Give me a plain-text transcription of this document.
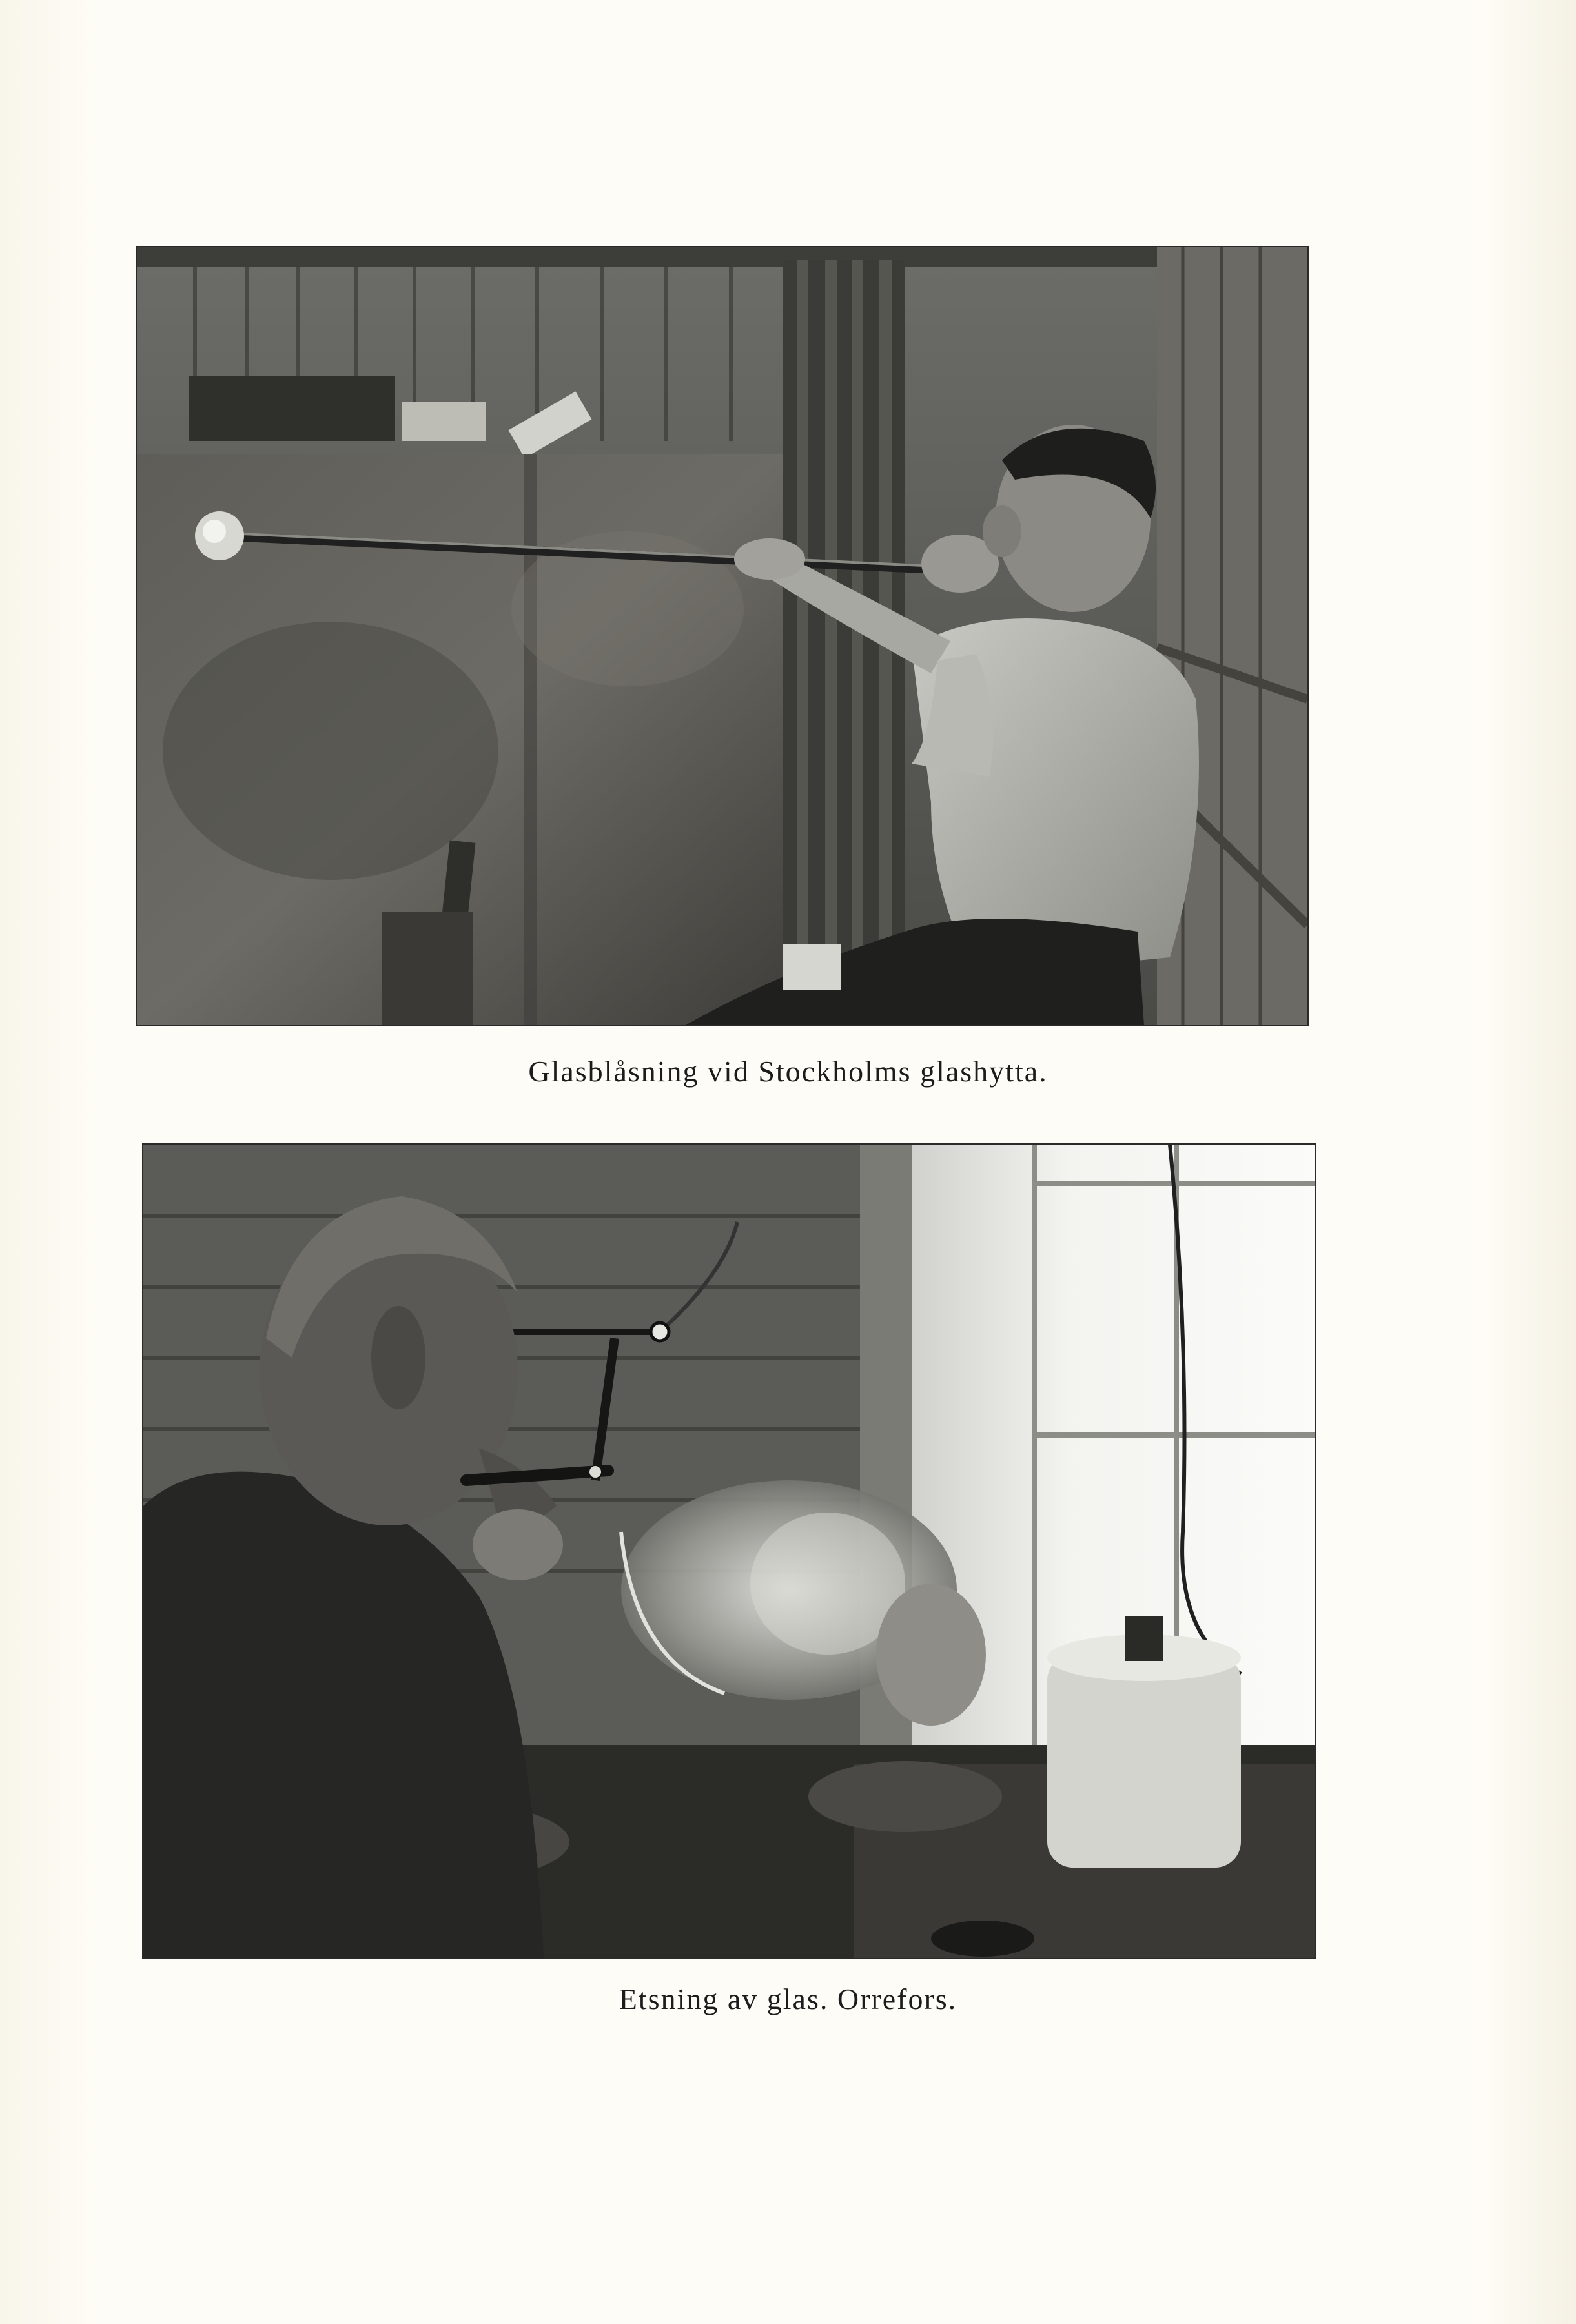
Glasblåsning vid Stockholms glashytta.
Etsning av glas. Orrefors.
